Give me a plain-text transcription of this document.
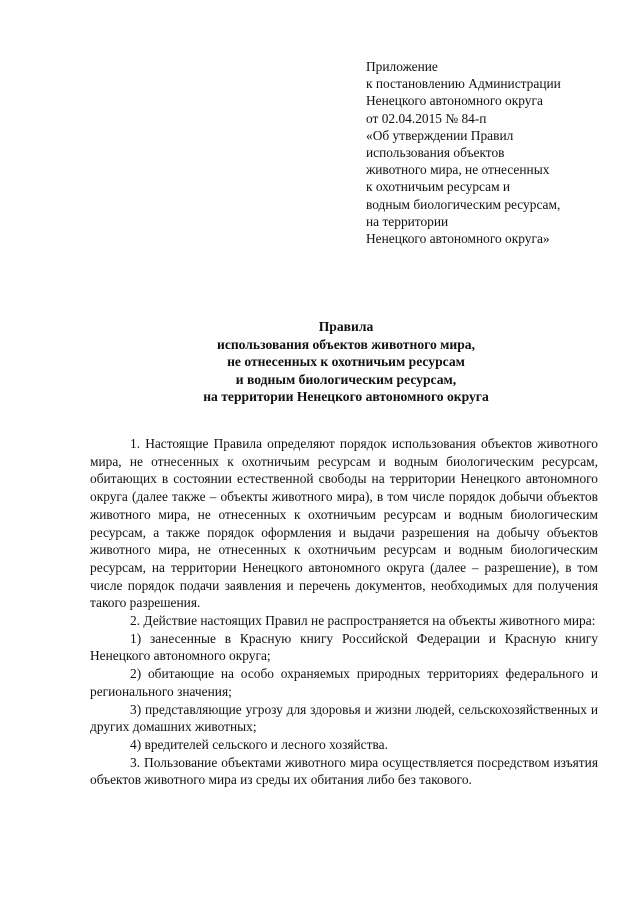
Приложение
к постановлению Администрации
Ненецкого автономного округа
от 02.04.2015 № 84-п
«Об утверждении Правил
использования объектов
животного мира, не отнесенных
к охотничьим ресурсам и
водным биологическим ресурсам,
на территории
Ненецкого автономного округа»
Правила
использования объектов животного мира,
не отнесенных к охотничьим ресурсам
и водным биологическим ресурсам,
на территории Ненецкого автономного округа

1. Настоящие Правила определяют порядок использования объектов животного мира, не отнесенных к охотничьим ресурсам и водным биологическим ресурсам, обитающих в состоянии естественной свободы на территории Ненецкого автономного округа (далее также – объекты животного мира), в том числе порядок добычи объектов животного мира, не отнесенных к охотничьим ресурсам и водным биологическим ресурсам, а также порядок оформления и выдачи разрешения на добычу объектов животного мира, не отнесенных к охотничьим ресурсам и водным биологическим ресурсам, на территории Ненецкого автономного округа (далее – разрешение), в том числе порядок подачи заявления и перечень документов, необходимых для получения такого разрешения.

2. Действие настоящих Правил не распространяется на объекты животного мира:

1) занесенные в Красную книгу Российской Федерации и Красную книгу Ненецкого автономного округа;

2) обитающие на особо охраняемых природных территориях федерального и регионального значения;

3) представляющие угрозу для здоровья и жизни людей, сельскохозяйственных и других домашних животных;

4) вредителей сельского и лесного хозяйства.

3. Пользование объектами животного мира осуществляется посредством изъятия объектов животного мира из среды их обитания либо без такового.
